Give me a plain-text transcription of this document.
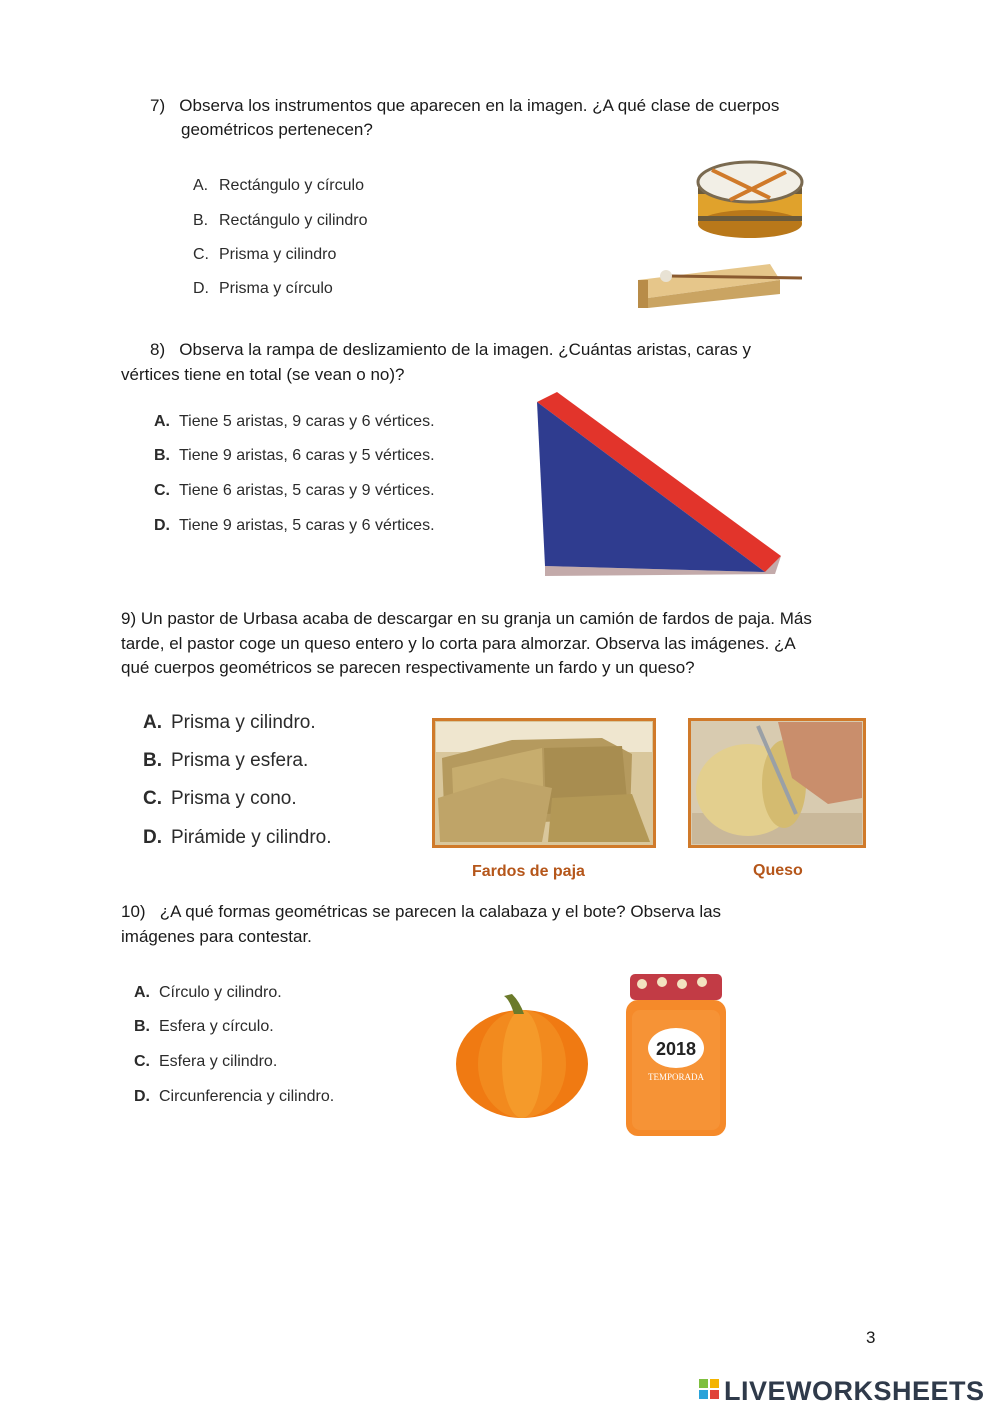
7) Observa los instrumentos que aparecen en la imagen. ¿A qué clase de cuerpos
geométricos pertenecen?
A. Rectángulo y círculo
B. Rectángulo y cilindro
C. Prisma y cilindro
D. Prisma y círculo
8) Observa la rampa de deslizamiento de la imagen. ¿Cuántas aristas, caras y
vértices tiene en total (se vean o no)?
A. Tiene 5 aristas, 9 caras y 6 vértices.
B. Tiene 9 aristas, 6 caras y 5 vértices.
C. Tiene 6 aristas, 5 caras y 9 vértices.
D. Tiene 9 aristas, 5 caras y 6 vértices.
9) Un pastor de Urbasa acaba de descargar en su granja un camión de fardos de paja. Más
tarde, el pastor coge un queso entero y lo corta para almorzar. Observa las imágenes. ¿A
qué cuerpos geométricos se parecen respectivamente un fardo y un queso?
A. Prisma y cilindro.
B. Prisma y esfera.
C. Prisma y cono.
D. Pirámide y cilindro.
Fardos de paja	Queso
10) ¿A qué formas geométricas se parecen la calabaza y el bote? Observa las
imágenes para contestar.
A. Círculo y cilindro.
B. Esfera y círculo.
C. Esfera y cilindro.
D. Circunferencia y cilindro.
2018
TEMPORADA
3
LIVEWORKSHEETS
